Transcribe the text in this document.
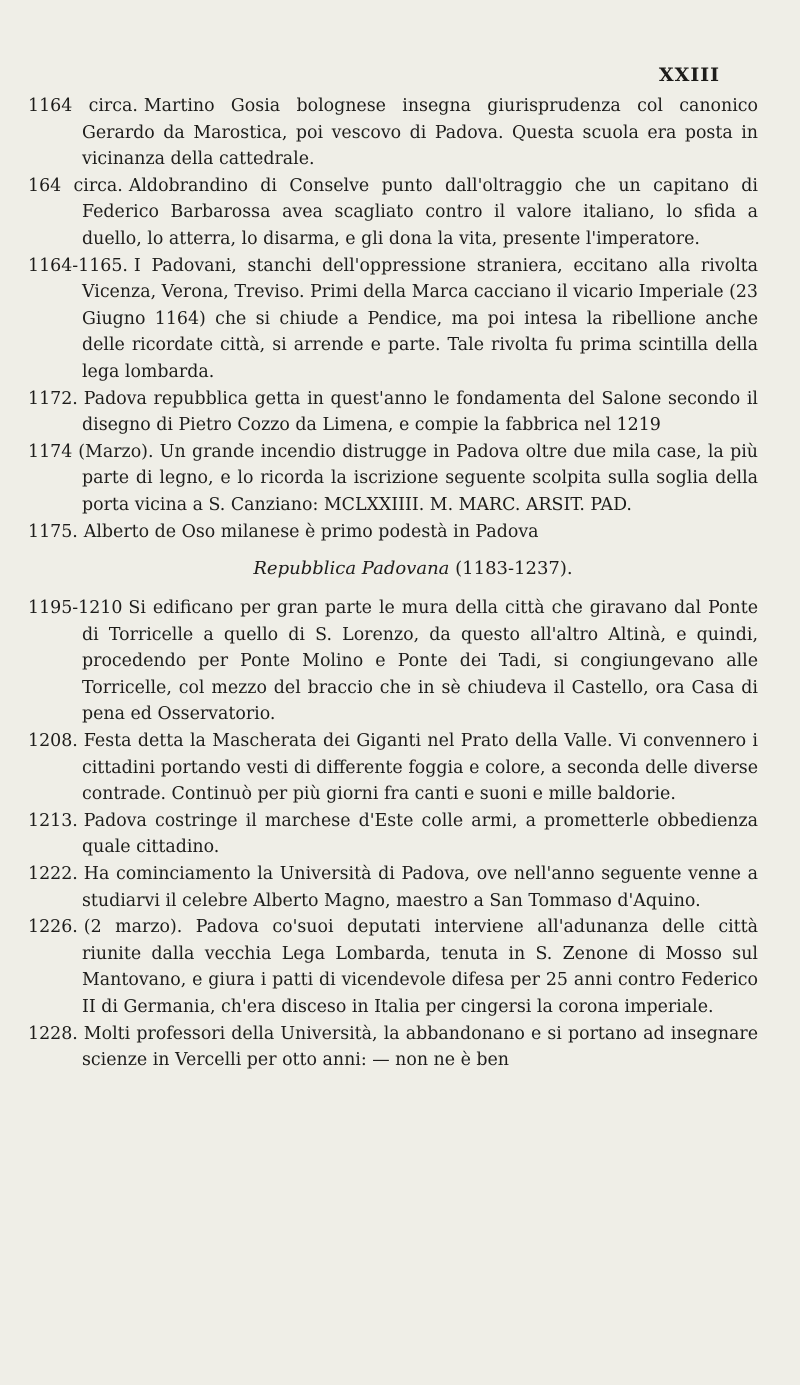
XXIII
1164 circa. Martino Gosia bolognese insegna giurisprudenza col canonico Gerardo da Marostica, poi vescovo di Padova. Questa scuola era posta in vicinanza della cattedrale.
164 circa. Aldobrandino di Conselve punto dall'oltraggio che un capitano di Federico Barbarossa avea scagliato contro il valore italiano, lo sfida a duello, lo atterra, lo disarma, e gli dona la vita, presente l'imperatore.
1164-1165. I Padovani, stanchi dell'oppressione straniera, eccitano alla rivolta Vicenza, Verona, Treviso. Primi della Marca cacciano il vicario Imperiale (23 Giugno 1164) che si chiude a Pendice, ma poi intesa la ribellione anche delle ricordate città, si arrende e parte. Tale rivolta fu prima scintilla della lega lombarda.
1172. Padova repubblica getta in quest'anno le fondamenta del Salone secondo il disegno di Pietro Cozzo da Limena, e compie la fabbrica nel 1219
1174 (Marzo). Un grande incendio distrugge in Padova oltre due mila case, la più parte di legno, e lo ricorda la iscrizione seguente scolpita sulla soglia della porta vicina a S. Canziano: MCLXXIIII. M. MARC. ARSIT. PAD.
1175. Alberto de Oso milanese è primo podestà in Padova
Repubblica Padovana (1183-1237).
1195-1210 Si edificano per gran parte le mura della città che giravano dal Ponte di Torricelle a quello di S. Lorenzo, da questo all'altro Altinà, e quindi, procedendo per Ponte Molino e Ponte dei Tadi, si congiungevano alle Torricelle, col mezzo del braccio che in sè chiudeva il Castello, ora Casa di pena ed Osservatorio.
1208. Festa detta la Mascherata dei Giganti nel Prato della Valle. Vi convennero i cittadini portando vesti di differente foggia e colore, a seconda delle diverse contrade. Continuò per più giorni fra canti e suoni e mille baldorie.
1213. Padova costringe il marchese d'Este colle armi, a prometterle obbedienza quale cittadino.
1222. Ha cominciamento la Università di Padova, ove nell'anno seguente venne a studiarvi il celebre Alberto Magno, maestro a San Tommaso d'Aquino.
1226. (2 marzo). Padova co'suoi deputati interviene all'adunanza delle città riunite dalla vecchia Lega Lombarda, tenuta in S. Zenone di Mosso sul Mantovano, e giura i patti di vicendevole difesa per 25 anni contro Federico II di Germania, ch'era disceso in Italia per cingersi la corona imperiale.
1228. Molti professori della Università, la abbandonano e si portano ad insegnare scienze in Vercelli per otto anni: — non ne è ben
